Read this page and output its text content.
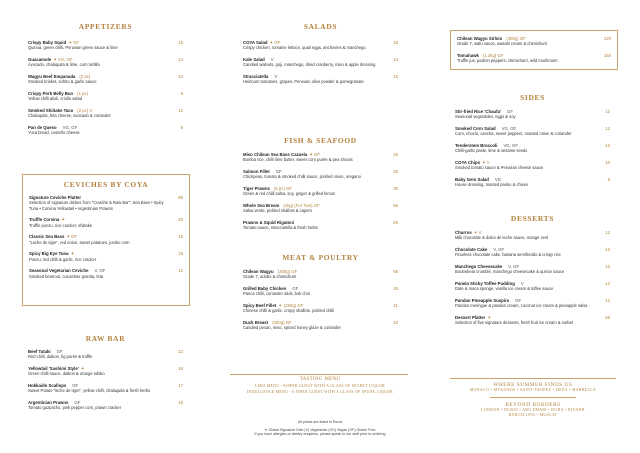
APPETIZERS
Crispy Baby Squid ✦ GF	15
Quinoa, green chilli, Peruvian green sauce & lime
Guacamole ✦ VG, GF	14
Avocado, chalaquita & lime, corn tortilla
Wagyu Beef Empanada (2 pc)	14
Smoked brisket, sofrito & garlic sauce
Crispy Pork Belly Bun (1 pc)	9
Yellow chilli alioli, criollo salad
Smoked Shiitake Taco (2 pc) V	12
Chalaquita, feta cheese, avocado & coriander
Pan de Queso VG, GF	5
Yuca bread, costeño cheese
CEVICHES BY COYA
Signature Ceviche Platter	85
Selection of signature dishes from "Ceviche & Raw Bar": Sea Bass • Spicy Tuna • Corvina Yellowtail • Argentinian Prawns
Truffle Corvina ✦	20
Truffle ponzu, rice cracker, shiitake
Classic Sea Bass ✦ GF	16
"Leche de tigre", red onion, sweet potatoes, jumbo corn
Spicy Big Eye Tuna ✦	18
Ponzu, red chilli & garlic, rice cracker
Seasonal Vegetarian Ceviche V, GF	12
Smoked beetroot, cucumber granita, feta
RAW BAR
Beef Tataki GF	22
Red chilli, daikon, fig purée & truffle
Yellowtail 'Sashimi Style' ✦	16
Green chilli sauce, daikon & orange tobiko
Hokkaido Scallops GF	17
Sweet Potato "leche de tigre", yellow chilli, chalaquita & fresh herbs
Argentinian Prawns GF	16
Tomato gazpacho, pink pepper corn, prawn cracker
SALADS
COYA Salad ✦ GF	18
Crispy chicken, romaine lettuce, quail eggs, anchovies & manchego
Kale Salad V	14
Candied walnuts, goji, manchego, dried cranberry, miso & apple dressing
Stracciatella V	16
Heirloom tomatoes, grapes, Peruvian olive powder & pomegranate
FISH & SEAFOOD
Miso Chilean Sea Bass Cazuela ✦ GF	45
Bomba rice, chilli lime butter, sweet corn purée & pea shoots
Salmon Fillet GF	28
Chickpeas, tomato & smoked chilli sauce, pickled onion, oregano
Tiger Prawns (5 pc) GF	30
Green & red chilli salsa, soy, ginger & grilled lemon
Whole Sea Bream (1kg) (For Two) GF	65
Salsa verde, pickled shallots & capers
Prawns & Squid Rigatoni	25
Tomato sauce, stracciatella & fresh herbs
MEAT & POULTRY
Chilean Wagyu (250g) GF	65
Grade 7, adobo & chimichurri
Grilled Baby Chicken GF	26
Panca chilli, coriander alioli, bok choi
Spicy Beef Fillet ✦ (250g) GF	41
Chinese chilli & garlic, crispy shallots, pickled chilli
Duck Breast (300g) GF	42
Candied pecan, miso, spiced honey glaze & coriander
TASTING MENU
LIMA MENU - €49PER GUEST WITH A GLASS OF SECRET LIQUOR
INDULGENCE MENU - € 85PER GUEST WITH A GLASS OF SPUNK LIQUOR
All prices are listed in Euros
✦ Global Signature Dish (V) Vegetarian (VG) Vegan (GF) Gluten Free
If you have allergies or dietary enquiries, please speak to our staff prior to ordering
Chilean Wagyu Sirloin (300g) GF	120
Grade 7, wafu sauce, wasabi cream & chimichurri
Tomahawk (1.2kg) GF	150
Truffle jus, padrón peppers, chimichurri, wild mushroom
SIDES
Stir-fried Rice 'Chaufa' GF	12
Seasonal vegetables, eggs & soy
Smoked Corn Salad VG, GF	12
Corn, choclo, cancha, sweet peppers, roasted onion & coriander
Tenderstem Broccoli VG, GF	12
Chilli-garlic paste, lime & sesame seeds
COYA Chips ✦ V	10
Smoked tomato sauce & Peruvian cheese sauce
Baby Gem Salad VG	9
House dressing, toasted panko & chives
DESSERTS
Churros ✦ V	12
Milk chocolate & dulce de leche sauce, orange zest
Chocolate Cake V, GF	12
Flourless chocolate cake, banana semifreddo & crispy rice
Manchego Cheesecake V, GF	12
Buckwheat crumble, manchego cheesecake & quince sauce
Panela Sticky Toffee Pudding V	12
Date & maca sponge, vanilla ice cream & toffee sauce
Pandan Pineapple Suspiro GF	12
Pandan meringue & pandan cream, coconut ice cream & pineapple salsa
Dessert Platter ✦	65
Selection of five signature desserts, fresh fruit ice cream & sorbet
WHERE SUMMER FINDS US
MONACO • MYKONOS • SAINT-TROPEZ • IBIZA • MARBELLA
BEYOND BORDERS
LONDON • DUBAI • ABU DHABI • DOHA • RIYADH
BARCELONA • MUSCAT
